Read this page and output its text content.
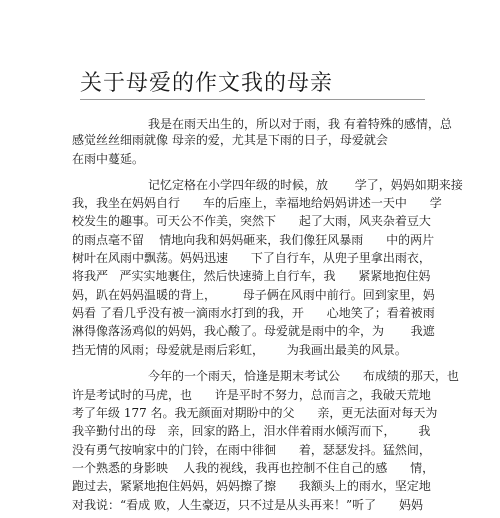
关于母爱的作文我的母亲
我是在雨天出生的，所以对于雨，我 有着特殊的感情，总
感觉丝丝细雨就像 母亲的爱，尤其是下雨的日子，母爱就会
在雨中蔓延。
记忆定格在小学四年级的时候，放       学了，妈妈如期来接
我，我坐在妈妈自行      车的后座上，幸福地给妈妈讲述一天中      学
校发生的趣事。可天公不作美，突然下      起了大雨，风夹杂着豆大
的雨点毫不留    情地向我和妈妈砸来，我们像狂风暴雨      中的两片
树叶在风雨中飘荡。妈妈迅速      下了自行车，从兜子里拿出雨衣，
将我严   严实实地裹住，然后快速骑上自行车，我      紧紧地抱住妈
妈，趴在妈妈温暖的背上，       母子俩在风雨中前行。回到家里，妈
妈看 了看几乎没有被一滴雨水打到的我，开      心地笑了；看着被雨
淋得像落汤鸡似的妈妈，我心酸了。母爱就是雨中的伞，为       我遮
挡无情的风雨；母爱就是雨后彩虹，      为我画出最美的风景。
今年的一个雨天，恰逢是期末考试公      布成绩的那天，也
许是考试时的马虎，也      许是平时不努力，总而言之，我破天荒地
考了年级 177 名。我无颜面对期盼中的父      亲，更无法面对每天为
我辛勤付出的母   亲，回家的路上，泪水伴着雨水倾泻而下，      我
没有勇气按响家中的门铃，在雨中徘徊      着，瑟瑟发抖。猛然间，
一个熟悉的身影映    人我的视线，我再也控制不住自己的感      情，
跑过去，紧紧地抱住妈妈，妈妈擦了擦      我额头上的雨水，坚定地
对我说：“看成 败，人生豪迈，只不过是从头再来！”听了      妈妈
